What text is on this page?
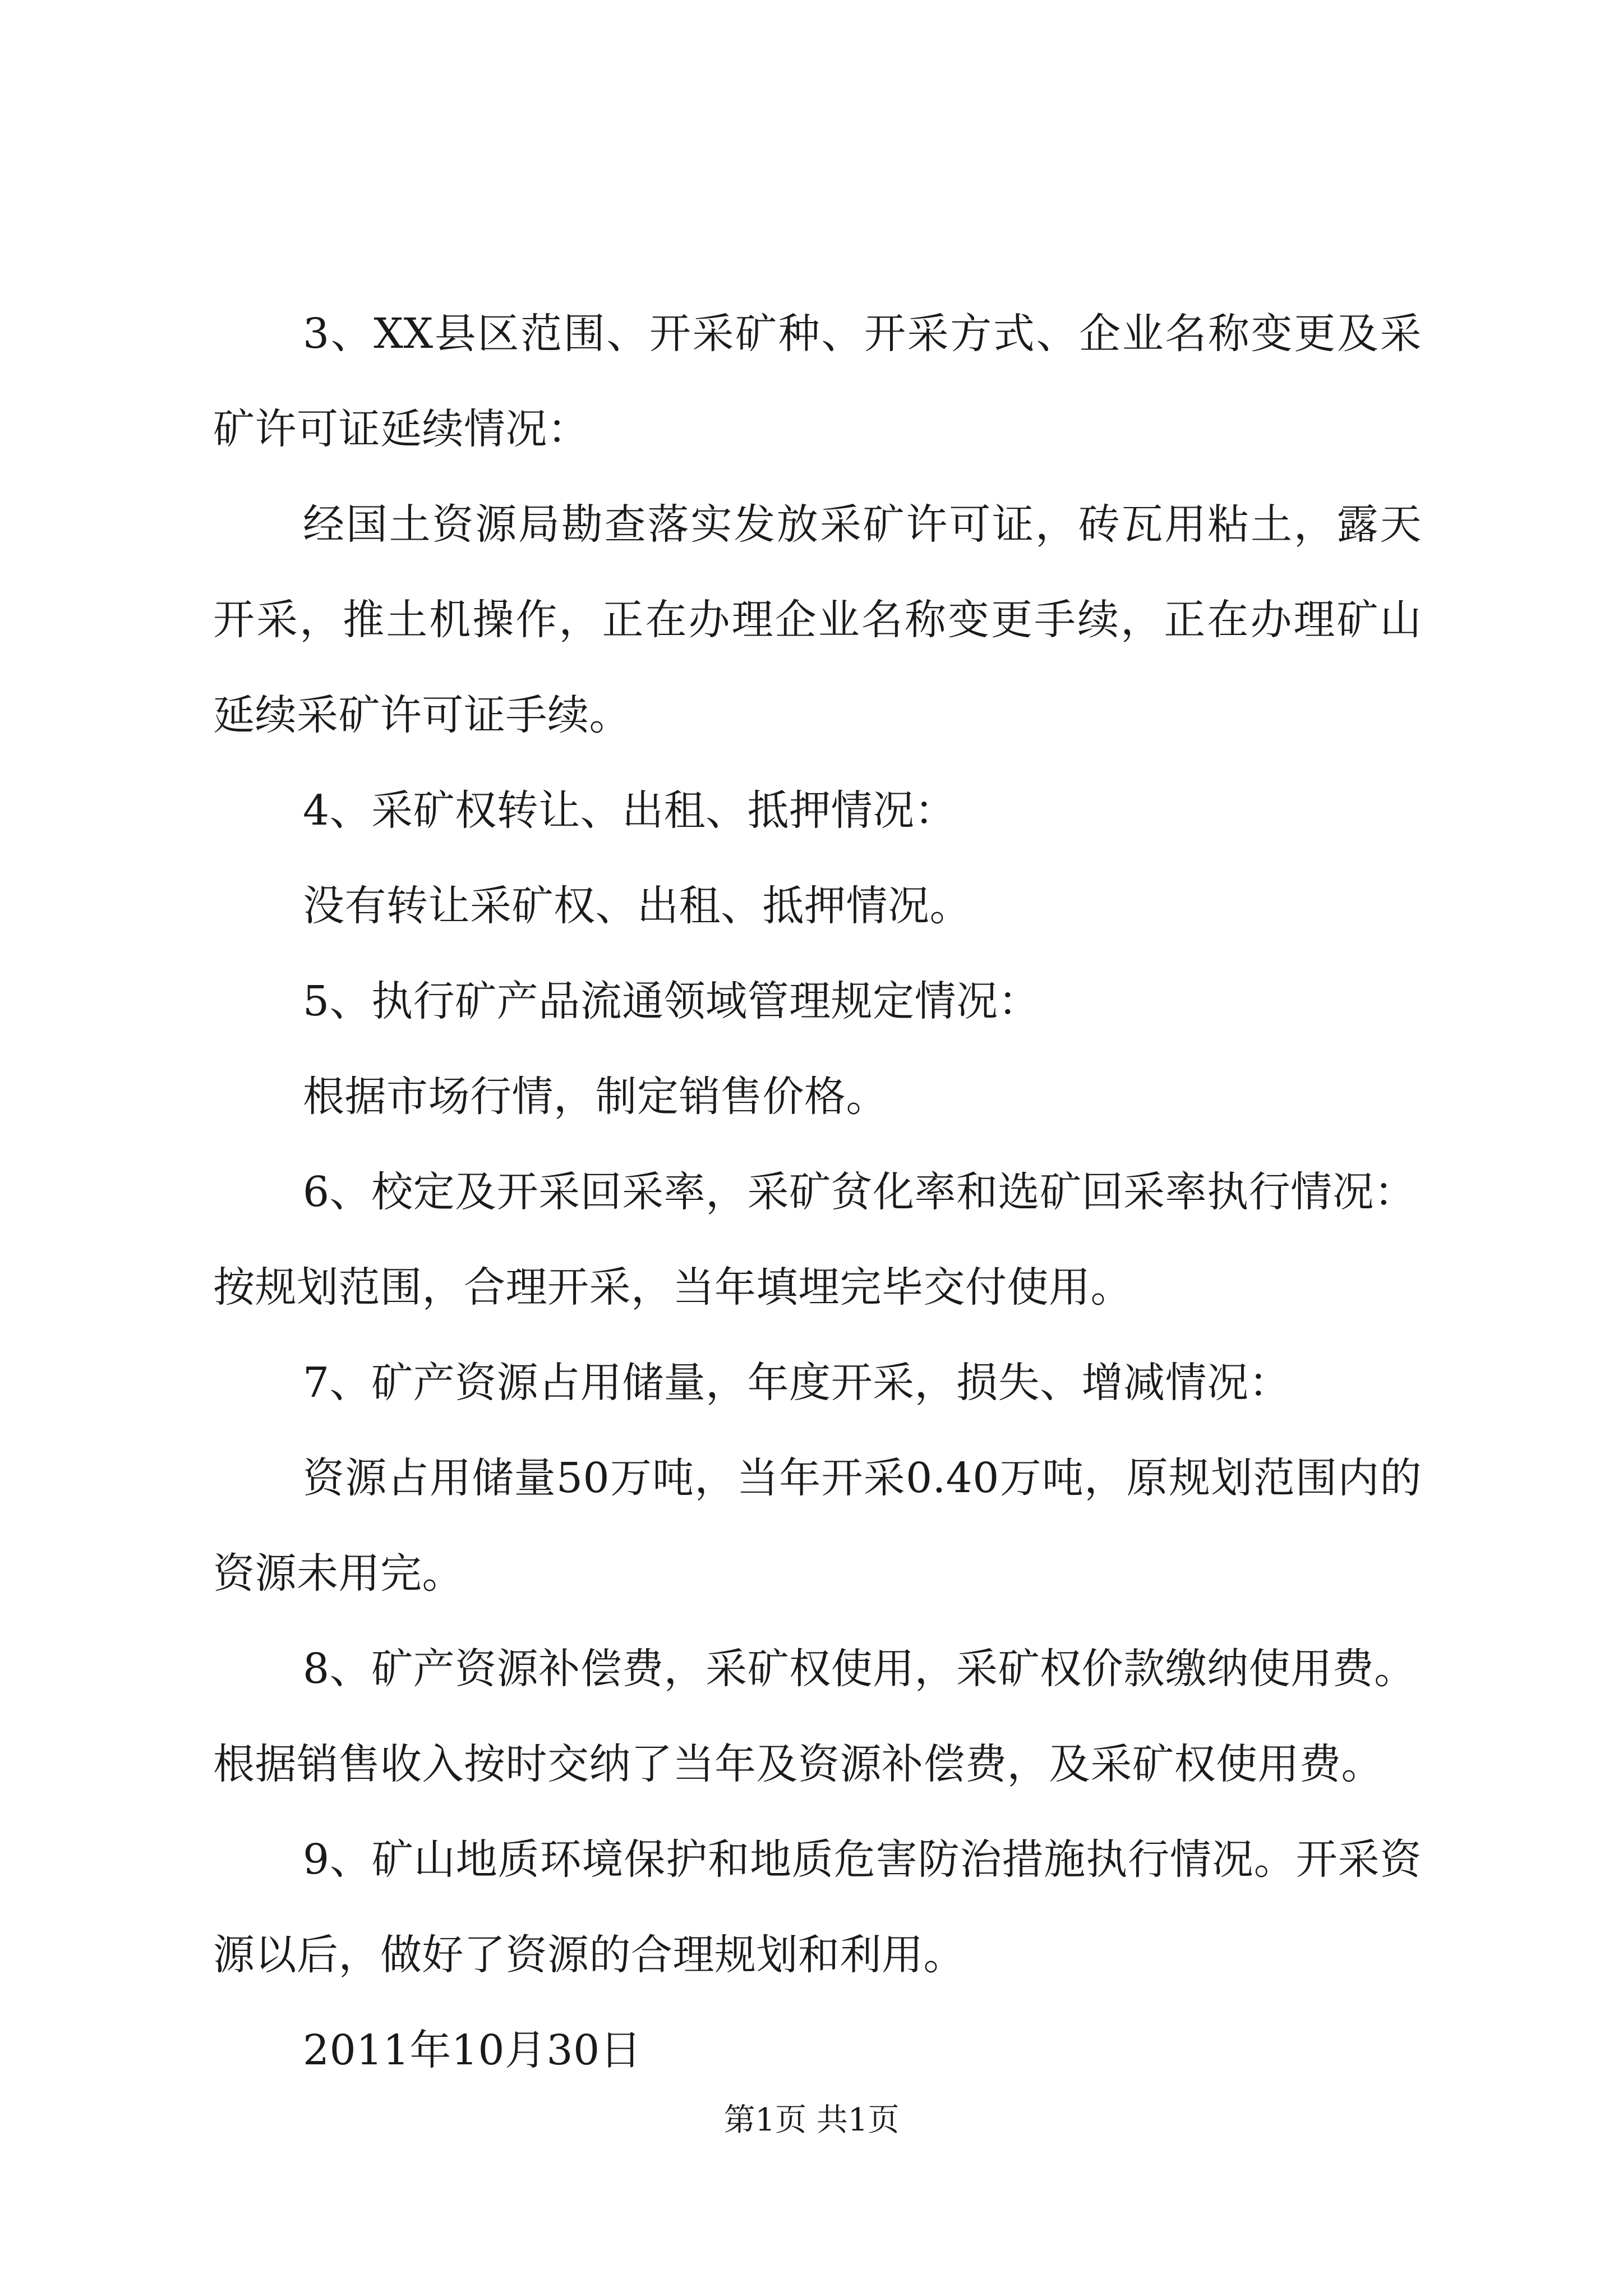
3、XX县区范围、开采矿种、开采方式、企业名称变更及采矿许可证延续情况：

经国土资源局勘查落实发放采矿许可证，砖瓦用粘土，露天开采，推土机操作，正在办理企业名称变更手续，正在办理矿山延续采矿许可证手续。

4、采矿权转让、出租、抵押情况：

没有转让采矿权、出租、抵押情况。

5、执行矿产品流通领域管理规定情况：

根据市场行情，制定销售价格。

6、校定及开采回采率，采矿贫化率和选矿回采率执行情况：

按规划范围，合理开采，当年填埋完毕交付使用。

7、矿产资源占用储量，年度开采，损失、增减情况：

资源占用储量50万吨，当年开采0.40万吨，原规划范围内的资源未用完。

8、矿产资源补偿费，采矿权使用，采矿权价款缴纳使用费。

根据销售收入按时交纳了当年及资源补偿费，及采矿权使用费。

9、矿山地质环境保护和地质危害防治措施执行情况。开采资源以后，做好了资源的合理规划和利用。

2011年10月30日

第1页 共1页
